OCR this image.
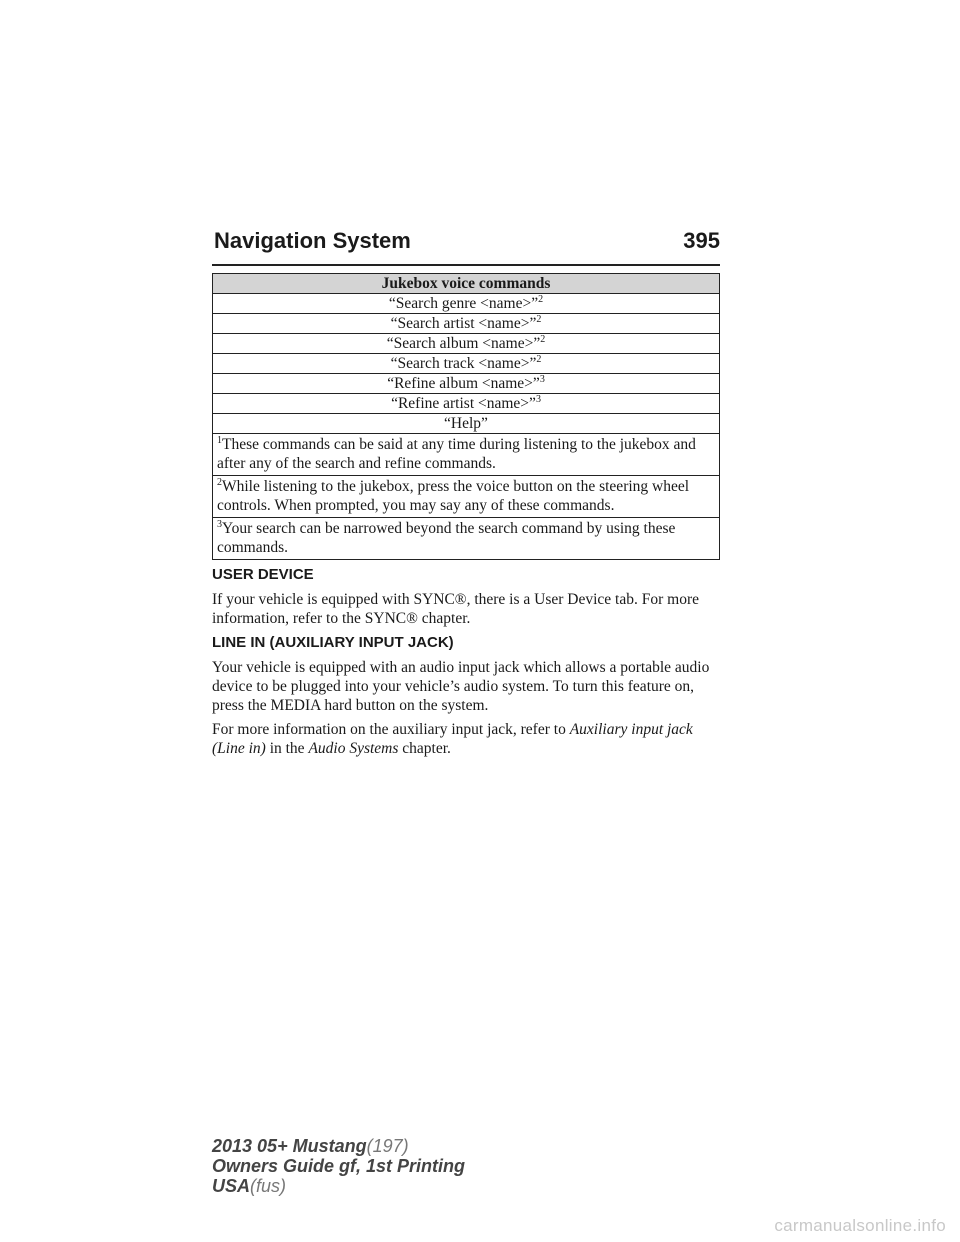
Navigation System	395
Jukebox voice commands
“Search genre <name>”$^2$
“Search artist <name>”$^2$
“Search album <name>”$^2$
“Search track <name>”$^2$
“Refine album <name>”$^3$
“Refine artist <name>”$^3$
“Help”
$^1$These commands can be said at any time during listening to the jukebox and after any of the search and refine commands.
$^2$While listening to the jukebox, press the voice button on the steering wheel controls. When prompted, you may say any of these commands.
$^3$Your search can be narrowed beyond the search command by using these commands.
USER DEVICE
If your vehicle is equipped with SYNC®, there is a User Device tab. For more information, refer to the SYNC® chapter.
LINE IN (AUXILIARY INPUT JACK)
Your vehicle is equipped with an audio input jack which allows a portable audio device to be plugged into your vehicle’s audio system. To turn this feature on, press the MEDIA hard button on the system.
For more information on the auxiliary input jack, refer to Auxiliary input jack (Line in) in the Audio Systems chapter.
2013 05+ Mustang(197)
Owners Guide gf, 1st Printing
USA(fus)
carmanualsonline.info
